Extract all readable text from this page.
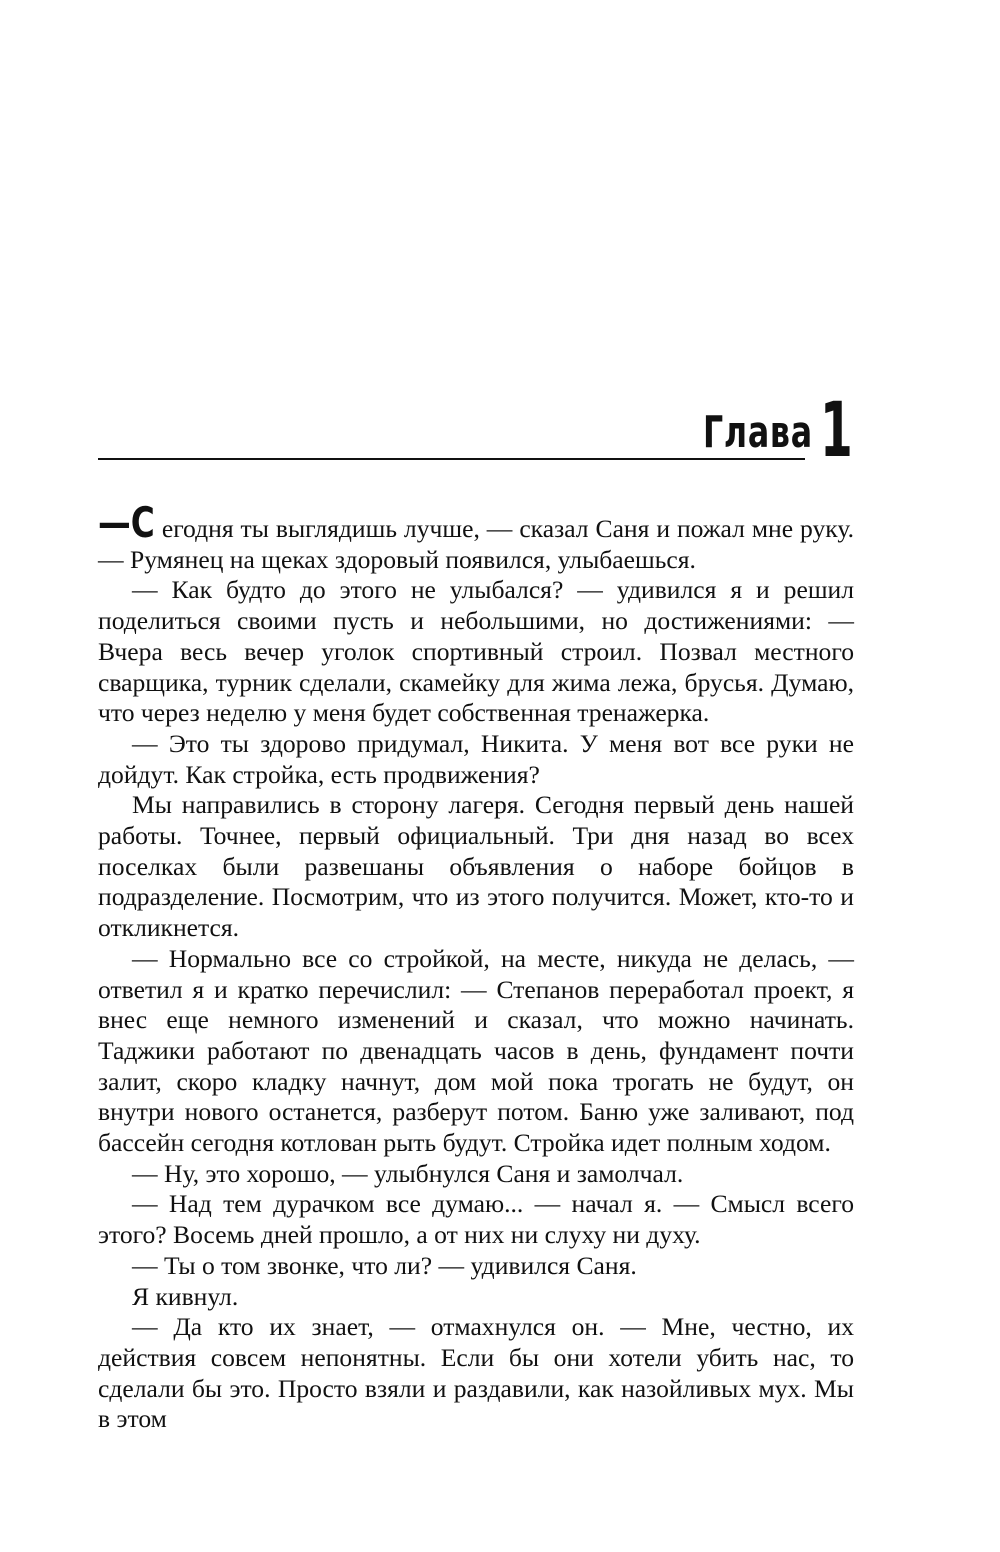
Глава 1

—С егодня ты выглядишь лучше, — сказал Саня и пожал мне руку. — Румянец на щеках здоровый появился, улыбаешься.

— Как будто до этого не улыбался? — удивился я и решил поделиться своими пусть и небольшими, но достижениями: — Вчера весь вечер уголок спортивный строил. Позвал местного сварщика, турник сделали, скамейку для жима лежа, брусья. Думаю, что через неделю у меня будет собственная тренажерка.

— Это ты здорово придумал, Никита. У меня вот все руки не дойдут. Как стройка, есть продвижения?

Мы направились в сторону лагеря. Сегодня первый день нашей работы. Точнее, первый официальный. Три дня назад во всех поселках были развешаны объявления о наборе бойцов в подразделение. Посмотрим, что из этого получится. Может, кто-то и откликнется.

— Нормально все со стройкой, на месте, никуда не делась, — ответил я и кратко перечислил: — Степанов переработал проект, я внес еще немного изменений и сказал, что можно начинать. Таджики работают по двенадцать часов в день, фундамент почти залит, скоро кладку начнут, дом мой пока трогать не будут, он внутри нового останется, разберут потом. Баню уже заливают, под бассейн сегодня котлован рыть будут. Стройка идет полным ходом.

— Ну, это хорошо, — улыбнулся Саня и замолчал.

— Над тем дурачком все думаю... — начал я. — Смысл всего этого? Восемь дней прошло, а от них ни слуху ни духу.

— Ты о том звонке, что ли? — удивился Саня.

Я кивнул.

— Да кто их знает, — отмахнулся он. — Мне, честно, их действия совсем непонятны. Если бы они хотели убить нас, то сделали бы это. Просто взяли и раздавили, как назойливых мух. Мы в этом
